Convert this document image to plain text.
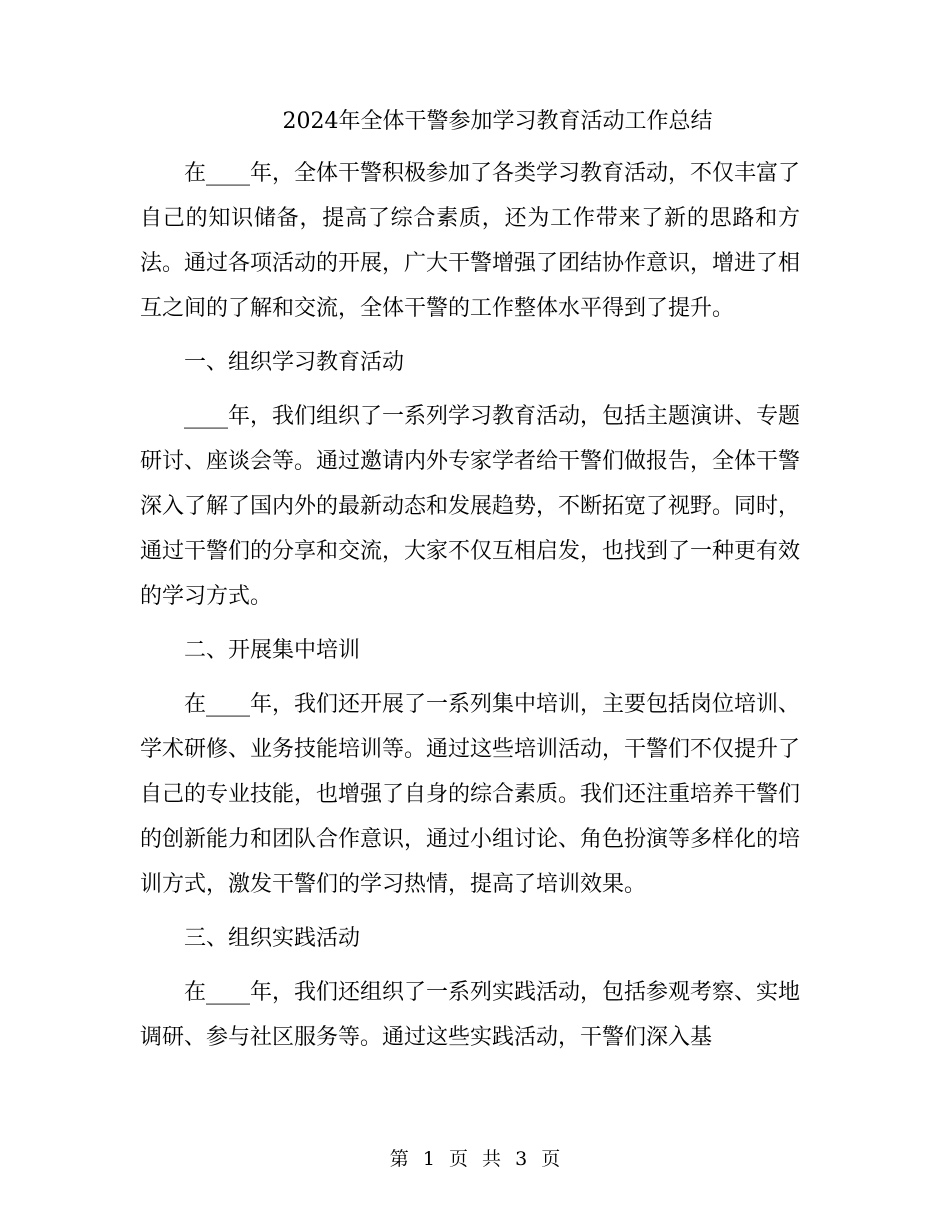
2024年全体干警参加学习教育活动工作总结

在____年，全体干警积极参加了各类学习教育活动，不仅丰富了自己的知识储备，提高了综合素质，还为工作带来了新的思路和方法。通过各项活动的开展，广大干警增强了团结协作意识，增进了相互之间的了解和交流，全体干警的工作整体水平得到了提升。

一、组织学习教育活动

____年，我们组织了一系列学习教育活动，包括主题演讲、专题研讨、座谈会等。通过邀请内外专家学者给干警们做报告，全体干警深入了解了国内外的最新动态和发展趋势，不断拓宽了视野。同时，通过干警们的分享和交流，大家不仅互相启发，也找到了一种更有效的学习方式。

二、开展集中培训

在____年，我们还开展了一系列集中培训，主要包括岗位培训、学术研修、业务技能培训等。通过这些培训活动，干警们不仅提升了自己的专业技能，也增强了自身的综合素质。我们还注重培养干警们的创新能力和团队合作意识，通过小组讨论、角色扮演等多样化的培训方式，激发干警们的学习热情，提高了培训效果。

三、组织实践活动

在____年，我们还组织了一系列实践活动，包括参观考察、实地调研、参与社区服务等。通过这些实践活动，干警们深入基

第 1 页 共 3 页
